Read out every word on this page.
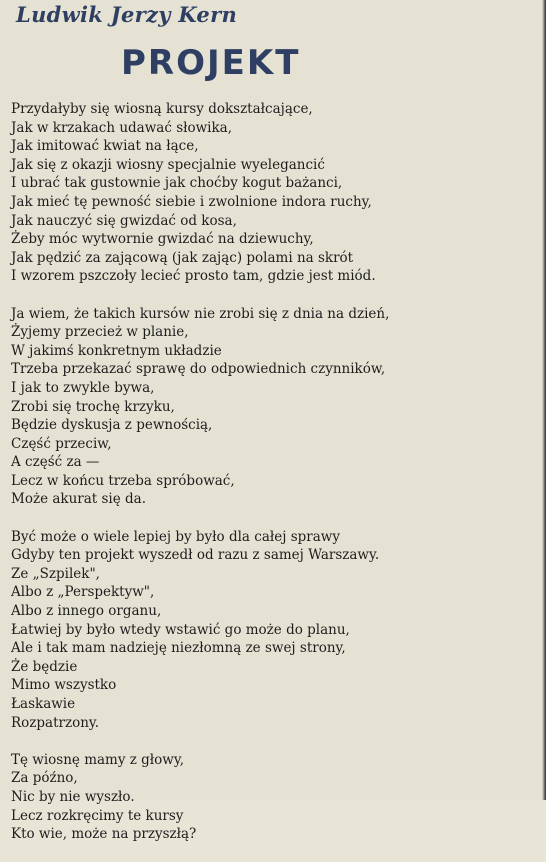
Ludwik Jerzy Kern
PROJEKT
Przydałyby się wiosną kursy dokształcające,
Jak w krzakach udawać słowika,
Jak imitować kwiat na łące,
Jak się z okazji wiosny specjalnie wyelegancić
I ubrać tak gustownie jak choćby kogut bażanci,
Jak mieć tę pewność siebie i zwolnione indora ruchy,
Jak nauczyć się gwizdać od kosa,
Żeby móc wytwornie gwizdać na dziewuchy,
Jak pędzić za zającową (jak zając) polami na skrót
I wzorem pszczoły lecieć prosto tam, gdzie jest miód.
Ja wiem, że takich kursów nie zrobi się z dnia na dzień,
Żyjemy przecież w planie,
W jakimś konkretnym układzie
Trzeba przekazać sprawę do odpowiednich czynników,
I jak to zwykle bywa,
Zrobi się trochę krzyku,
Będzie dyskusja z pewnością,
Część przeciw,
A część za —
Lecz w końcu trzeba spróbować,
Może akurat się da.
Być może o wiele lepiej by było dla całej sprawy
Gdyby ten projekt wyszedł od razu z samej Warszawy.
Ze „Szpilek",
Albo z „Perspektyw",
Albo z innego organu,
Łatwiej by było wtedy wstawić go może do planu,
Ale i tak mam nadzieję niezłomną ze swej strony,
Że będzie
Mimo wszystko
Łaskawie
Rozpatrzony.
Tę wiosnę mamy z głowy,
Za późno,
Nic by nie wyszło.
Lecz rozkręcimy te kursy
Kto wie, może na przyszłą?
